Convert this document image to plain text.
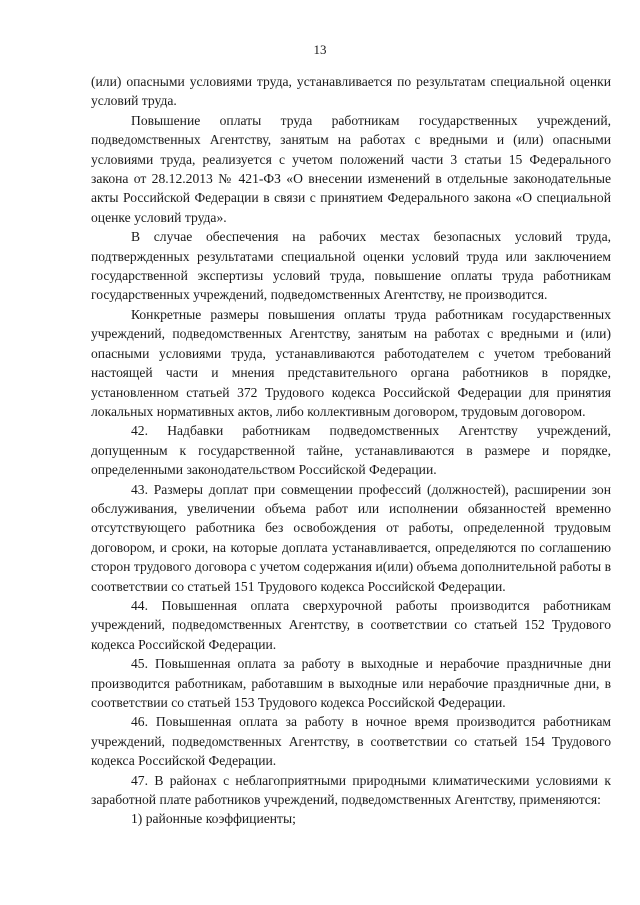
13

(или) опасными условиями труда, устанавливается по результатам специальной оценки условий труда.

Повышение оплаты труда работникам государственных учреждений, подведомственных Агентству, занятым на работах с вредными и (или) опасными условиями труда, реализуется с учетом положений части 3 статьи 15 Федерального закона от 28.12.2013 № 421-ФЗ «О внесении изменений в отдельные законодательные акты Российской Федерации в связи с принятием Федерального закона «О специальной оценке условий труда».

В случае обеспечения на рабочих местах безопасных условий труда, подтвержденных результатами специальной оценки условий труда или заключением государственной экспертизы условий труда, повышение оплаты труда работникам государственных учреждений, подведомственных Агентству, не производится.

Конкретные размеры повышения оплаты труда работникам государственных учреждений, подведомственных Агентству, занятым на работах с вредными и (или) опасными условиями труда, устанавливаются работодателем с учетом требований настоящей части и мнения представительного органа работников в порядке, установленном статьей 372 Трудового кодекса Российской Федерации для принятия локальных нормативных актов, либо коллективным договором, трудовым договором.

42. Надбавки работникам подведомственных Агентству учреждений, допущенным к государственной тайне, устанавливаются в размере и порядке, определенными законодательством Российской Федерации.

43. Размеры доплат при совмещении профессий (должностей), расширении зон обслуживания, увеличении объема работ или исполнении обязанностей временно отсутствующего работника без освобождения от работы, определенной трудовым договором, и сроки, на которые доплата устанавливается, определяются по соглашению сторон трудового договора с учетом содержания и(или) объема дополнительной работы в соответствии со статьей 151 Трудового кодекса Российской Федерации.

44. Повышенная оплата сверхурочной работы производится работникам учреждений, подведомственных Агентству, в соответствии со статьей 152 Трудового кодекса Российской Федерации.

45. Повышенная оплата за работу в выходные и нерабочие праздничные дни производится работникам, работавшим в выходные или нерабочие праздничные дни, в соответствии со статьей 153 Трудового кодекса Российской Федерации.

46. Повышенная оплата за работу в ночное время производится работникам учреждений, подведомственных Агентству, в соответствии со статьей 154 Трудового кодекса Российской Федерации.

47. В районах с неблагоприятными природными климатическими условиями к заработной плате работников учреждений, подведомственных Агентству, применяются:

1) районные коэффициенты;
